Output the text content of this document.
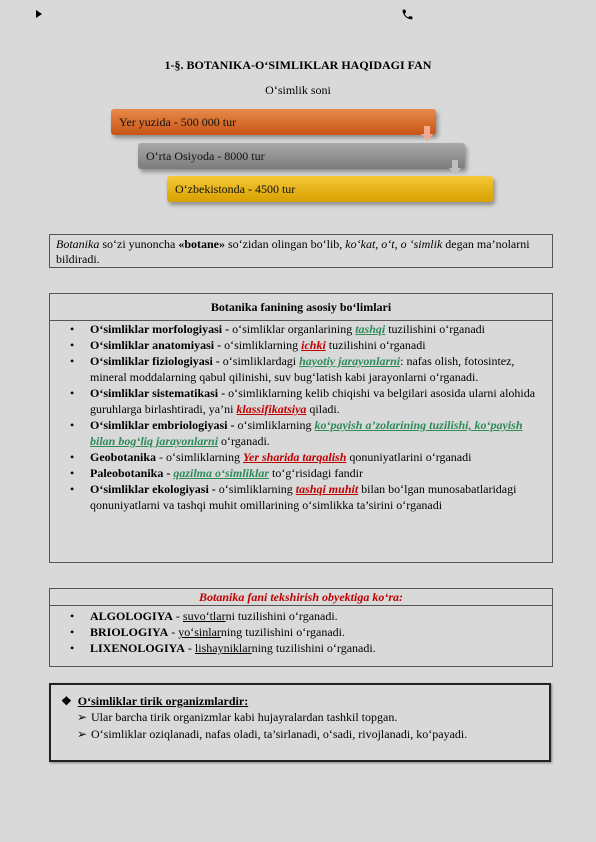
1-§. BOTANIKA-O‘SIMLIKLAR HAQIDAGI FAN
O‘simlik soni
Yer yuzida - 500 000 tur
O‘rta Osiyoda - 8000 tur
O‘zbekistonda - 4500 tur
Botanika so‘zi yunoncha «botane» so‘zidan olingan bo‘lib, ko‘kat, o‘t, o ‘simlik degan ma’nolarni bildiradi.
Botanika fanining asosiy bo‘limlari
• O‘simliklar morfologiyasi - o‘simliklar organlarining tashqi tuzilishini o‘rganadi
• O‘simliklar anatomiyasi - o‘simliklarning ichki tuzilishini o‘rganadi
• O‘simliklar fiziologiyasi - o‘simliklardagi hayotiy jarayonlarni: nafas olish, fotosintez, mineral moddalarning qabul qilinishi, suv bug‘latish kabi jarayonlarni o‘rganadi.
• O‘simliklar sistematikasi - o‘simliklarning kelib chiqishi va belgilari asosida ularni alohida guruhlarga birlashtiradi, ya’ni klassifikatsiya qiladi.
• O‘simliklar embriologiyasi - o‘simliklarning ko‘payish a’zolarining tuzilishi, ko‘payish bilan bog‘liq jarayonlarni o‘rganadi.
• Geobotanika - o‘simliklarning Yer sharida tarqalish qonuniyatlarini o‘rganadi
• Paleobotanika - qazilma o‘simliklar to‘g‘risidagi fandir
• O‘simliklar ekologiyasi - o‘simliklarning tashqi muhit bilan bo‘lgan munosabatlaridagi qonuniyatlarni va tashqi muhit omillarining o‘simlikka ta’sirini o‘rganadi
Botanika fani tekshirish obyektiga ko‘ra:
• ALGOLOGIYA - suvo‘tlarni tuzilishini o‘rganadi.
• BRIOLOGIYA - yo‘sinlarning tuzilishini o‘rganadi.
• LIXENOLOGIYA - lishayniklarning tuzilishini o‘rganadi.
❖ O‘simliklar tirik organizmlardir:
➢ Ular barcha tirik organizmlar kabi hujayralardan tashkil topgan.
➢ O‘simliklar oziqlanadi, nafas oladi, ta’sirlanadi, o‘sadi, rivojlanadi, ko‘payadi.
